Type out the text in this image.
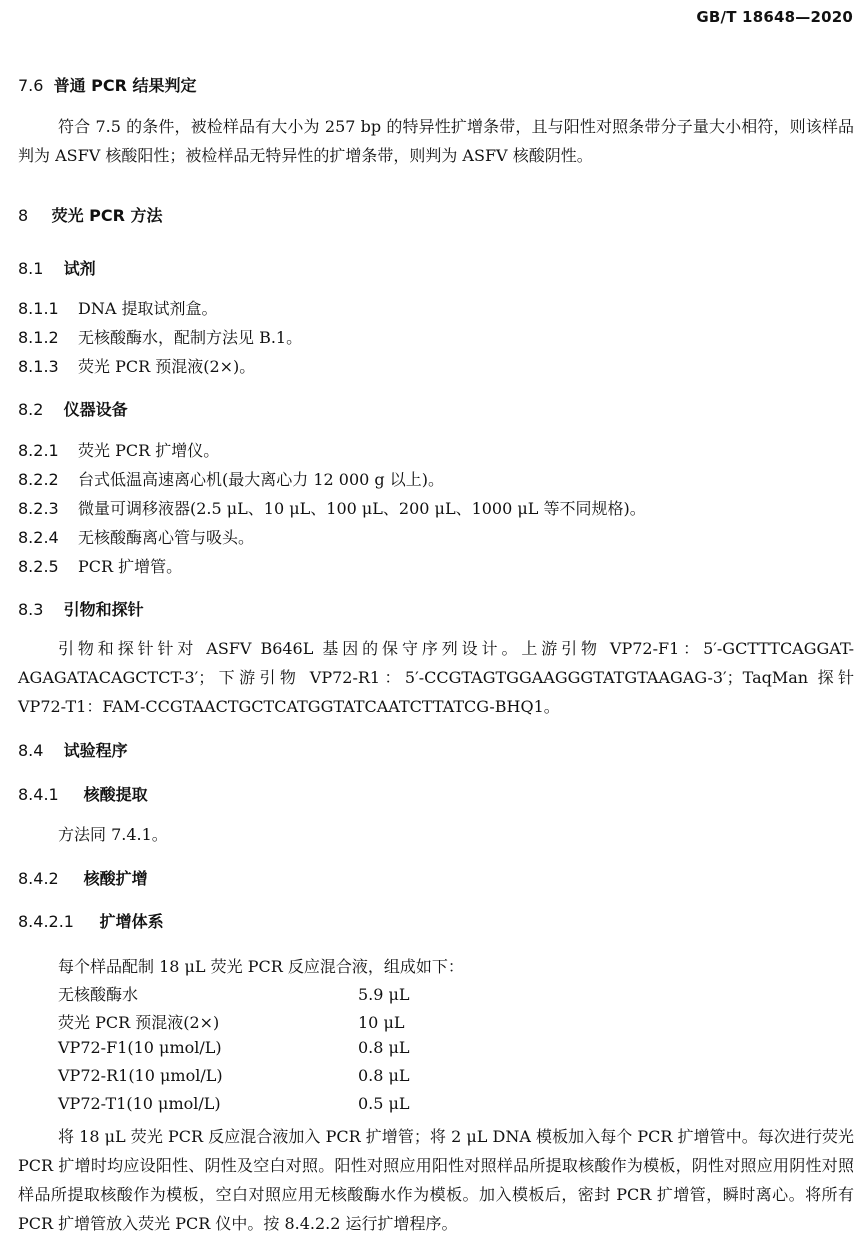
GB/T 18648—2020
7.6 普通 PCR 结果判定
符合 7.5 的条件，被检样品有大小为 257 bp 的特异性扩增条带，且与阳性对照条带分子量大小相符，则该样品判为 ASFV 核酸阳性；被检样品无特异性的扩增条带，则判为 ASFV 核酸阴性。
8 荧光 PCR 方法
8.1 试剂
8.1.1 DNA 提取试剂盒。
8.1.2 无核酸酶水，配制方法见 B.1。
8.1.3 荧光 PCR 预混液(2×)。
8.2 仪器设备
8.2.1 荧光 PCR 扩增仪。
8.2.2 台式低温高速离心机(最大离心力 12 000 g 以上)。
8.2.3 微量可调移液器(2.5 μL、10 μL、100 μL、200 μL、1000 μL 等不同规格)。
8.2.4 无核酸酶离心管与吸头。
8.2.5 PCR 扩增管。
8.3 引物和探针
引物和探针针对 ASFV B646L 基因的保守序列设计。上游引物 VP72-F1：5′-GCTTTCAGGAT-AGAGATACAGCTCT-3′；下游引物 VP72-R1：5′-CCGTAGTGGAAGGGTATGTAAGAG-3′；TaqMan 探针 VP72-T1：FAM-CCGTAACTGCTCATGGTATCAATCTTATCG-BHQ1。
8.4 试验程序
8.4.1 核酸提取
方法同 7.4.1。
8.4.2 核酸扩增
8.4.2.1 扩增体系
每个样品配制 18 μL 荧光 PCR 反应混合液，组成如下：
无核酸酶水	5.9 μL
荧光 PCR 预混液(2×)	10 μL
VP72-F1(10 μmol/L)	0.8 μL
VP72-R1(10 μmol/L)	0.8 μL
VP72-T1(10 μmol/L)	0.5 μL
将 18 μL 荧光 PCR 反应混合液加入 PCR 扩增管；将 2 μL DNA 模板加入每个 PCR 扩增管中。每次进行荧光 PCR 扩增时均应设阳性、阴性及空白对照。阳性对照应用阳性对照样品所提取核酸作为模板，阴性对照应用阴性对照样品所提取核酸作为模板，空白对照应用无核酸酶水作为模板。加入模板后，密封 PCR 扩增管，瞬时离心。将所有 PCR 扩增管放入荧光 PCR 仪中。按 8.4.2.2 运行扩增程序。
